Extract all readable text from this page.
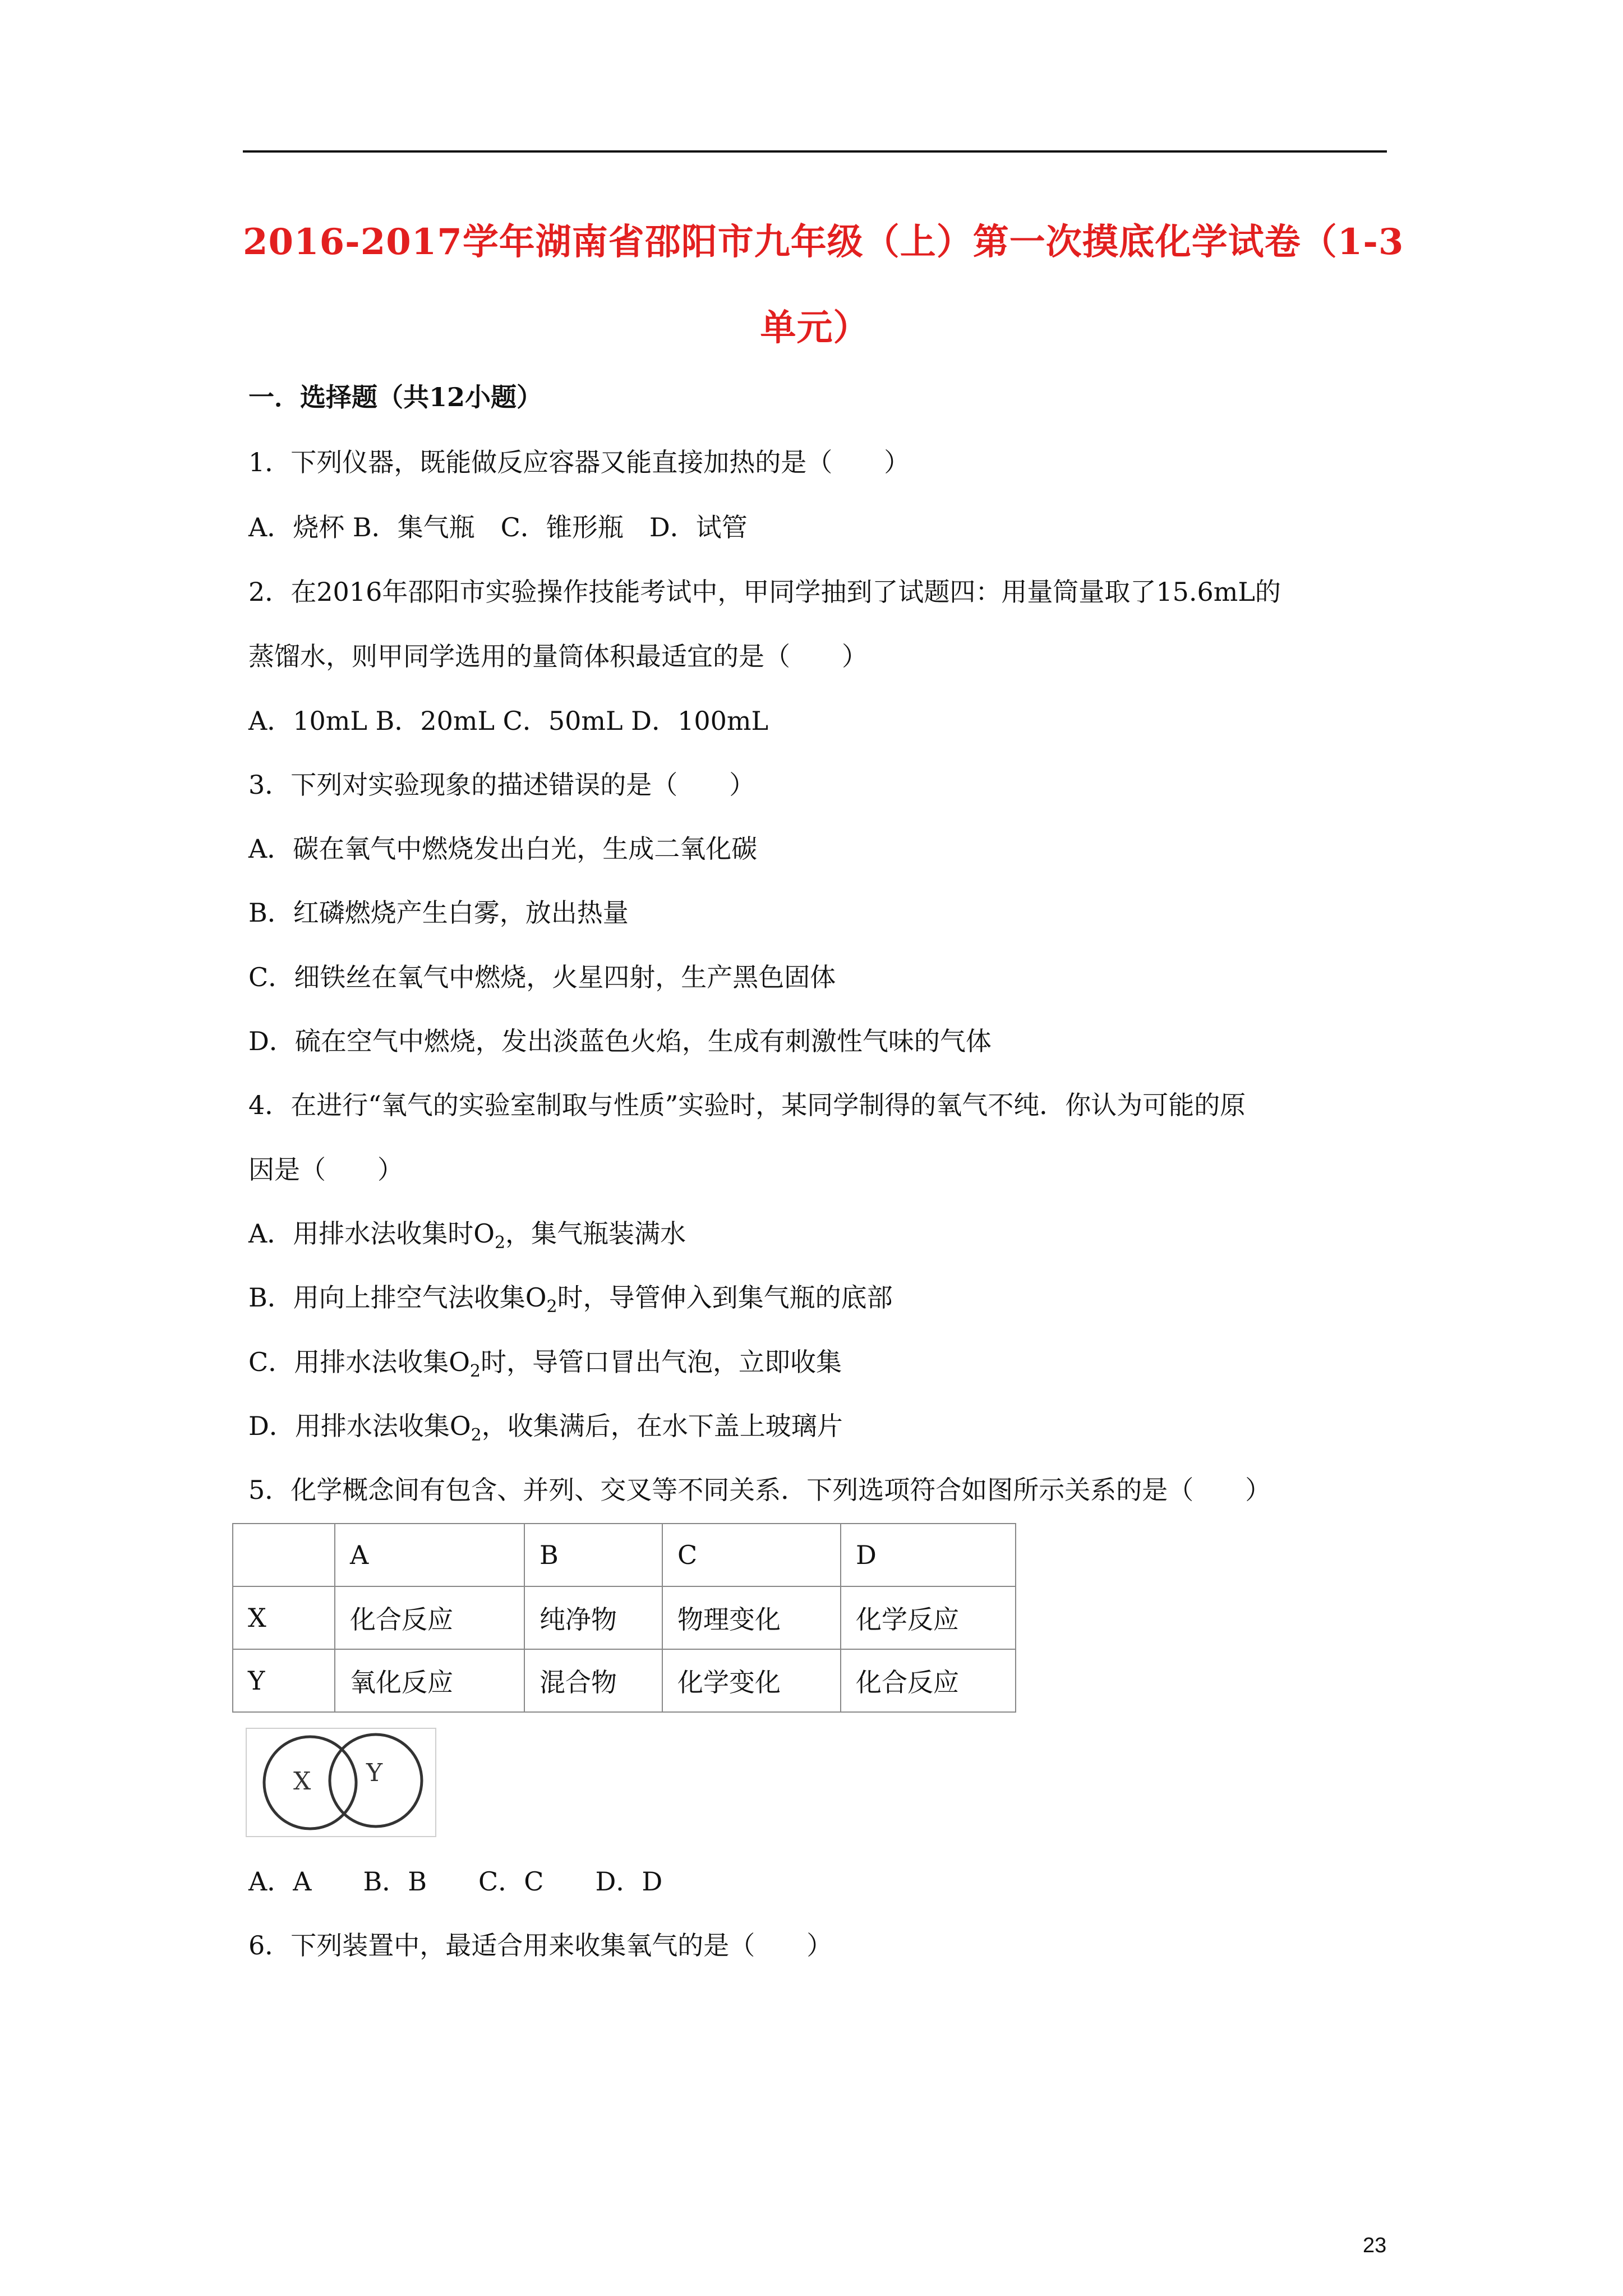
2016-2017学年湖南省邵阳市九年级（上）第一次摸底化学试卷（1-3
单元）
一．选择题（共12小题）
1．下列仪器，既能做反应容器又能直接加热的是（　　）
A．烧杯 B．集气瓶　C．锥形瓶　D．试管
2．在2016年邵阳市实验操作技能考试中，甲同学抽到了试题四：用量筒量取了15.6mL的
蒸馏水，则甲同学选用的量筒体积最适宜的是（　　）
A．10mL B．20mL C．50mL D．100mL
3．下列对实验现象的描述错误的是（　　）
A．碳在氧气中燃烧发出白光，生成二氧化碳
B．红磷燃烧产生白雾，放出热量
C．细铁丝在氧气中燃烧，火星四射，生产黑色固体
D．硫在空气中燃烧，发出淡蓝色火焰，生成有刺激性气味的气体
4．在进行“氧气的实验室制取与性质”实验时，某同学制得的氧气不纯．你认为可能的原
因是（　　）
A．用排水法收集时$O_2$，集气瓶装满水
B．用向上排空气法收集$O_2$时，导管伸入到集气瓶的底部
C．用排水法收集$O_2$时，导管口冒出气泡，立即收集
D．用排水法收集$O_2$，收集满后，在水下盖上玻璃片
5．化学概念间有包含、并列、交叉等不同关系．下列选项符合如图所示关系的是（　　）
	A	B	C	D
X	化合反应	纯净物	物理变化	化学反应
Y	氧化反应	混合物	化学变化	化合反应
X Y
A．A　　B．B　　C．C　　D．D
6．下列装置中，最适合用来收集氧气的是（　　）
23
